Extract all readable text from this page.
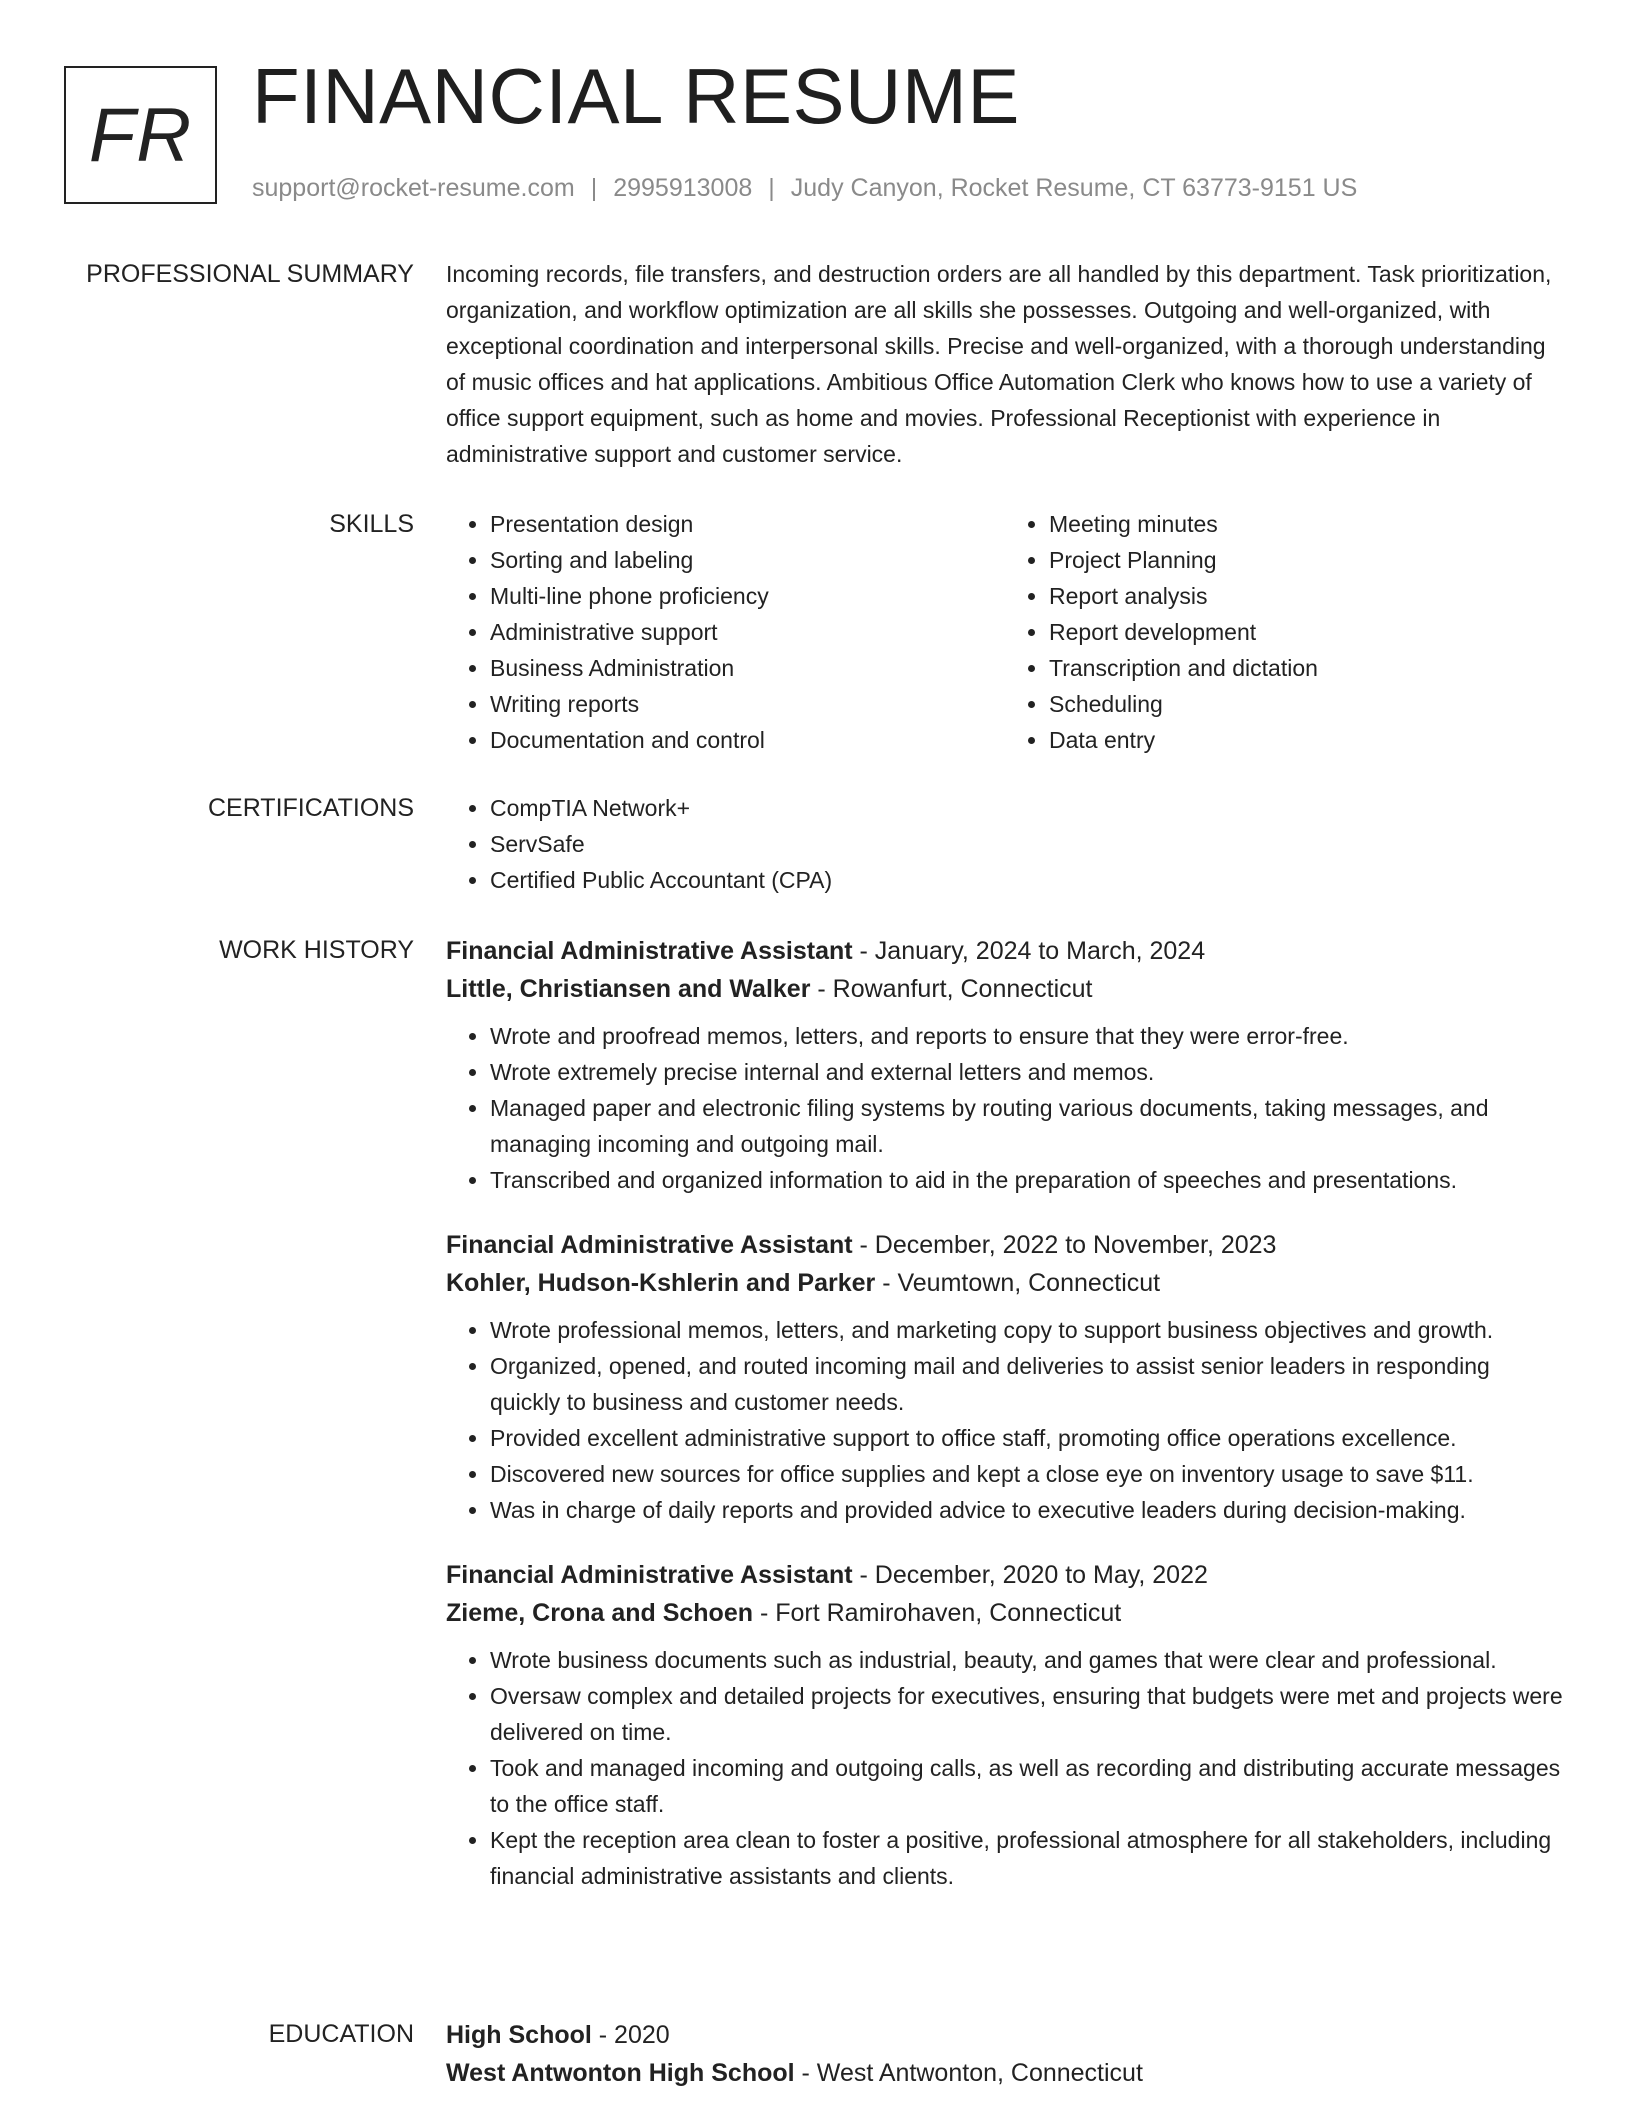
FR FINANCIAL RESUME
support@rocket-resume.com | 2995913008 | Judy Canyon, Rocket Resume, CT 63773-9151 US
PROFESSIONAL SUMMARY Incoming records, file transfers, and destruction orders are all handled by this department. Task prioritization, organization, and workflow optimization are all skills she possesses. Outgoing and well-organized, with exceptional coordination and interpersonal skills. Precise and well-organized, with a thorough understanding of music offices and hat applications. Ambitious Office Automation Clerk who knows how to use a variety of office support equipment, such as home and movies. Professional Receptionist with experience in administrative support and customer service.

SKILLS	• Presentation design
• Sorting and labeling
• Multi-line phone proficiency
• Administrative support
• Business Administration
• Writing reports
• Documentation and control
• Meeting minutes
• Project Planning
• Report analysis
• Report development
• Transcription and dictation
• Scheduling
• Data entry
CERTIFICATIONS	• CompTIA Network+
• ServSafe
• Certified Public Accountant (CPA)
WORK HISTORY Financial Administrative Assistant - January, 2024 to March, 2024

Little, Christiansen and Walker - Rowanfurt, Connecticut

• Wrote and proofread memos, letters, and reports to ensure that they were error-free.
• Wrote extremely precise internal and external letters and memos.
• Managed paper and electronic filing systems by routing various documents, taking messages, and managing incoming and outgoing mail.
• Transcribed and organized information to aid in the preparation of speeches and presentations.

Financial Administrative Assistant - December, 2022 to November, 2023

Kohler, Hudson-Kshlerin and Parker - Veumtown, Connecticut

• Wrote professional memos, letters, and marketing copy to support business objectives and growth.
• Organized, opened, and routed incoming mail and deliveries to assist senior leaders in responding quickly to business and customer needs.
• Provided excellent administrative support to office staff, promoting office operations excellence.
• Discovered new sources for office supplies and kept a close eye on inventory usage to save $11.
• Was in charge of daily reports and provided advice to executive leaders during decision-making.

Financial Administrative Assistant - December, 2020 to May, 2022

Zieme, Crona and Schoen - Fort Ramirohaven, Connecticut

• Wrote business documents such as industrial, beauty, and games that were clear and professional.
• Oversaw complex and detailed projects for executives, ensuring that budgets were met and projects were delivered on time.
• Took and managed incoming and outgoing calls, as well as recording and distributing accurate messages to the office staff.
• Kept the reception area clean to foster a positive, professional atmosphere for all stakeholders, including financial administrative assistants and clients.
EDUCATION High School - 2020

West Antwonton High School - West Antwonton, Connecticut
